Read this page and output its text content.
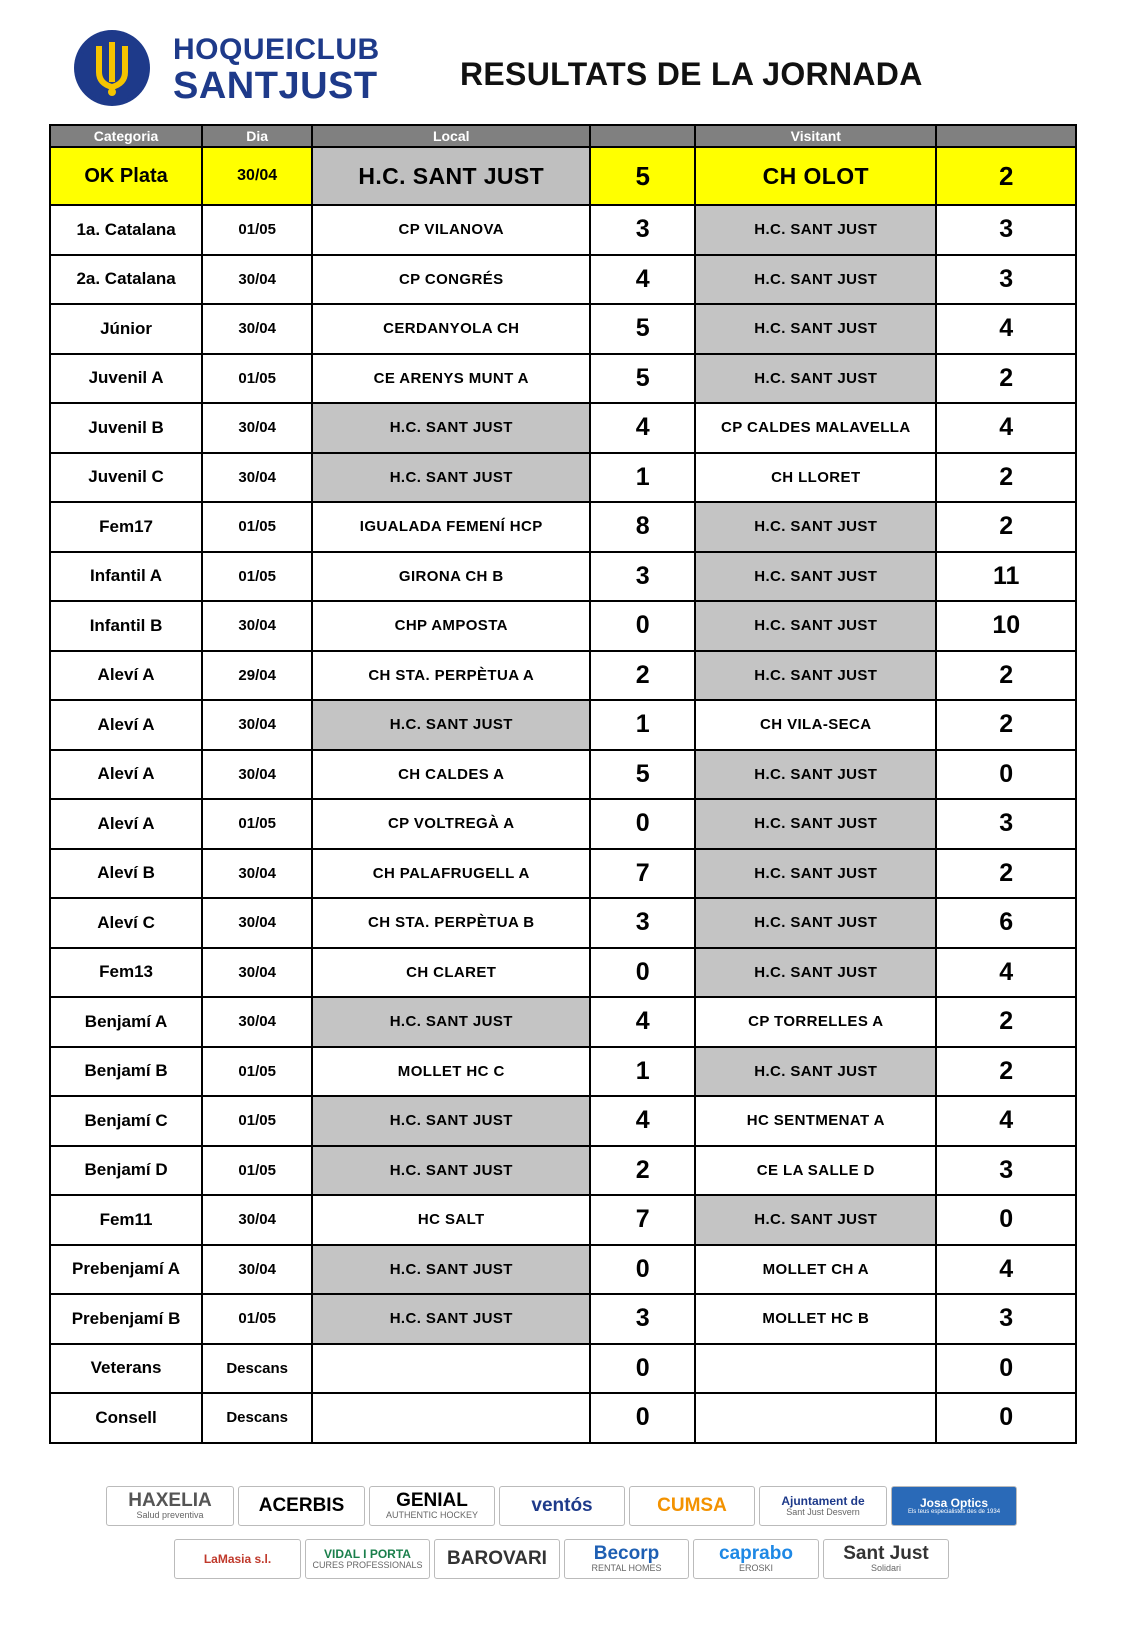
HOQUEICLUB
SANTJUST	RESULTATS DE LA JORNADA
Categoria	Dia	Local		Visitant	
OK Plata	30/04	H.C. SANT JUST	5	CH OLOT	2
1a. Catalana	01/05	CP VILANOVA	3	H.C. SANT JUST	3
2a. Catalana	30/04	CP CONGRÉS	4	H.C. SANT JUST	3
Júnior	30/04	CERDANYOLA CH	5	H.C. SANT JUST	4
Juvenil A	01/05	CE ARENYS MUNT A	5	H.C. SANT JUST	2
Juvenil B	30/04	H.C. SANT JUST	4	CP CALDES MALAVELLA	4
Juvenil C	30/04	H.C. SANT JUST	1	CH LLORET	2
Fem17	01/05	IGUALADA FEMENÍ HCP	8	H.C. SANT JUST	2
Infantil A	01/05	GIRONA CH B	3	H.C. SANT JUST	11
Infantil B	30/04	CHP AMPOSTA	0	H.C. SANT JUST	10
Aleví A	29/04	CH STA. PERPÈTUA A	2	H.C. SANT JUST	2
Aleví A	30/04	H.C. SANT JUST	1	CH VILA-SECA	2
Aleví A	30/04	CH CALDES A	5	H.C. SANT JUST	0
Aleví A	01/05	CP VOLTREGÀ A	0	H.C. SANT JUST	3
Aleví B	30/04	CH PALAFRUGELL A	7	H.C. SANT JUST	2
Aleví C	30/04	CH STA. PERPÈTUA B	3	H.C. SANT JUST	6
Fem13	30/04	CH CLARET	0	H.C. SANT JUST	4
Benjamí A	30/04	H.C. SANT JUST	4	CP TORRELLES A	2
Benjamí B	01/05	MOLLET HC C	1	H.C. SANT JUST	2
Benjamí C	01/05	H.C. SANT JUST	4	HC SENTMENAT A	4
Benjamí D	01/05	H.C. SANT JUST	2	CE LA SALLE D	3
Fem11	30/04	HC SALT	7	H.C. SANT JUST	0
Prebenjamí A	30/04	H.C. SANT JUST	0	MOLLET CH A	4
Prebenjamí B	01/05	H.C. SANT JUST	3	MOLLET HC B	3
Veterans	Descans		0		0
Consell	Descans		0		0
HAXELIA
Salud preventiva	ACERBIS	GENIAL
AUTHENTIC HOCKEY	ventós	CUMSA	Ajuntament de
Sant Just Desvern
Josa Optics
Els teus especialistes des de 1934
LaMasia s.l.	VIDAL I PORTA
CURES PROFESSIONALS BAROVARI Becorp
RENTAL HOMES
caprabo
EROSKI
Sant Just
Solidari
